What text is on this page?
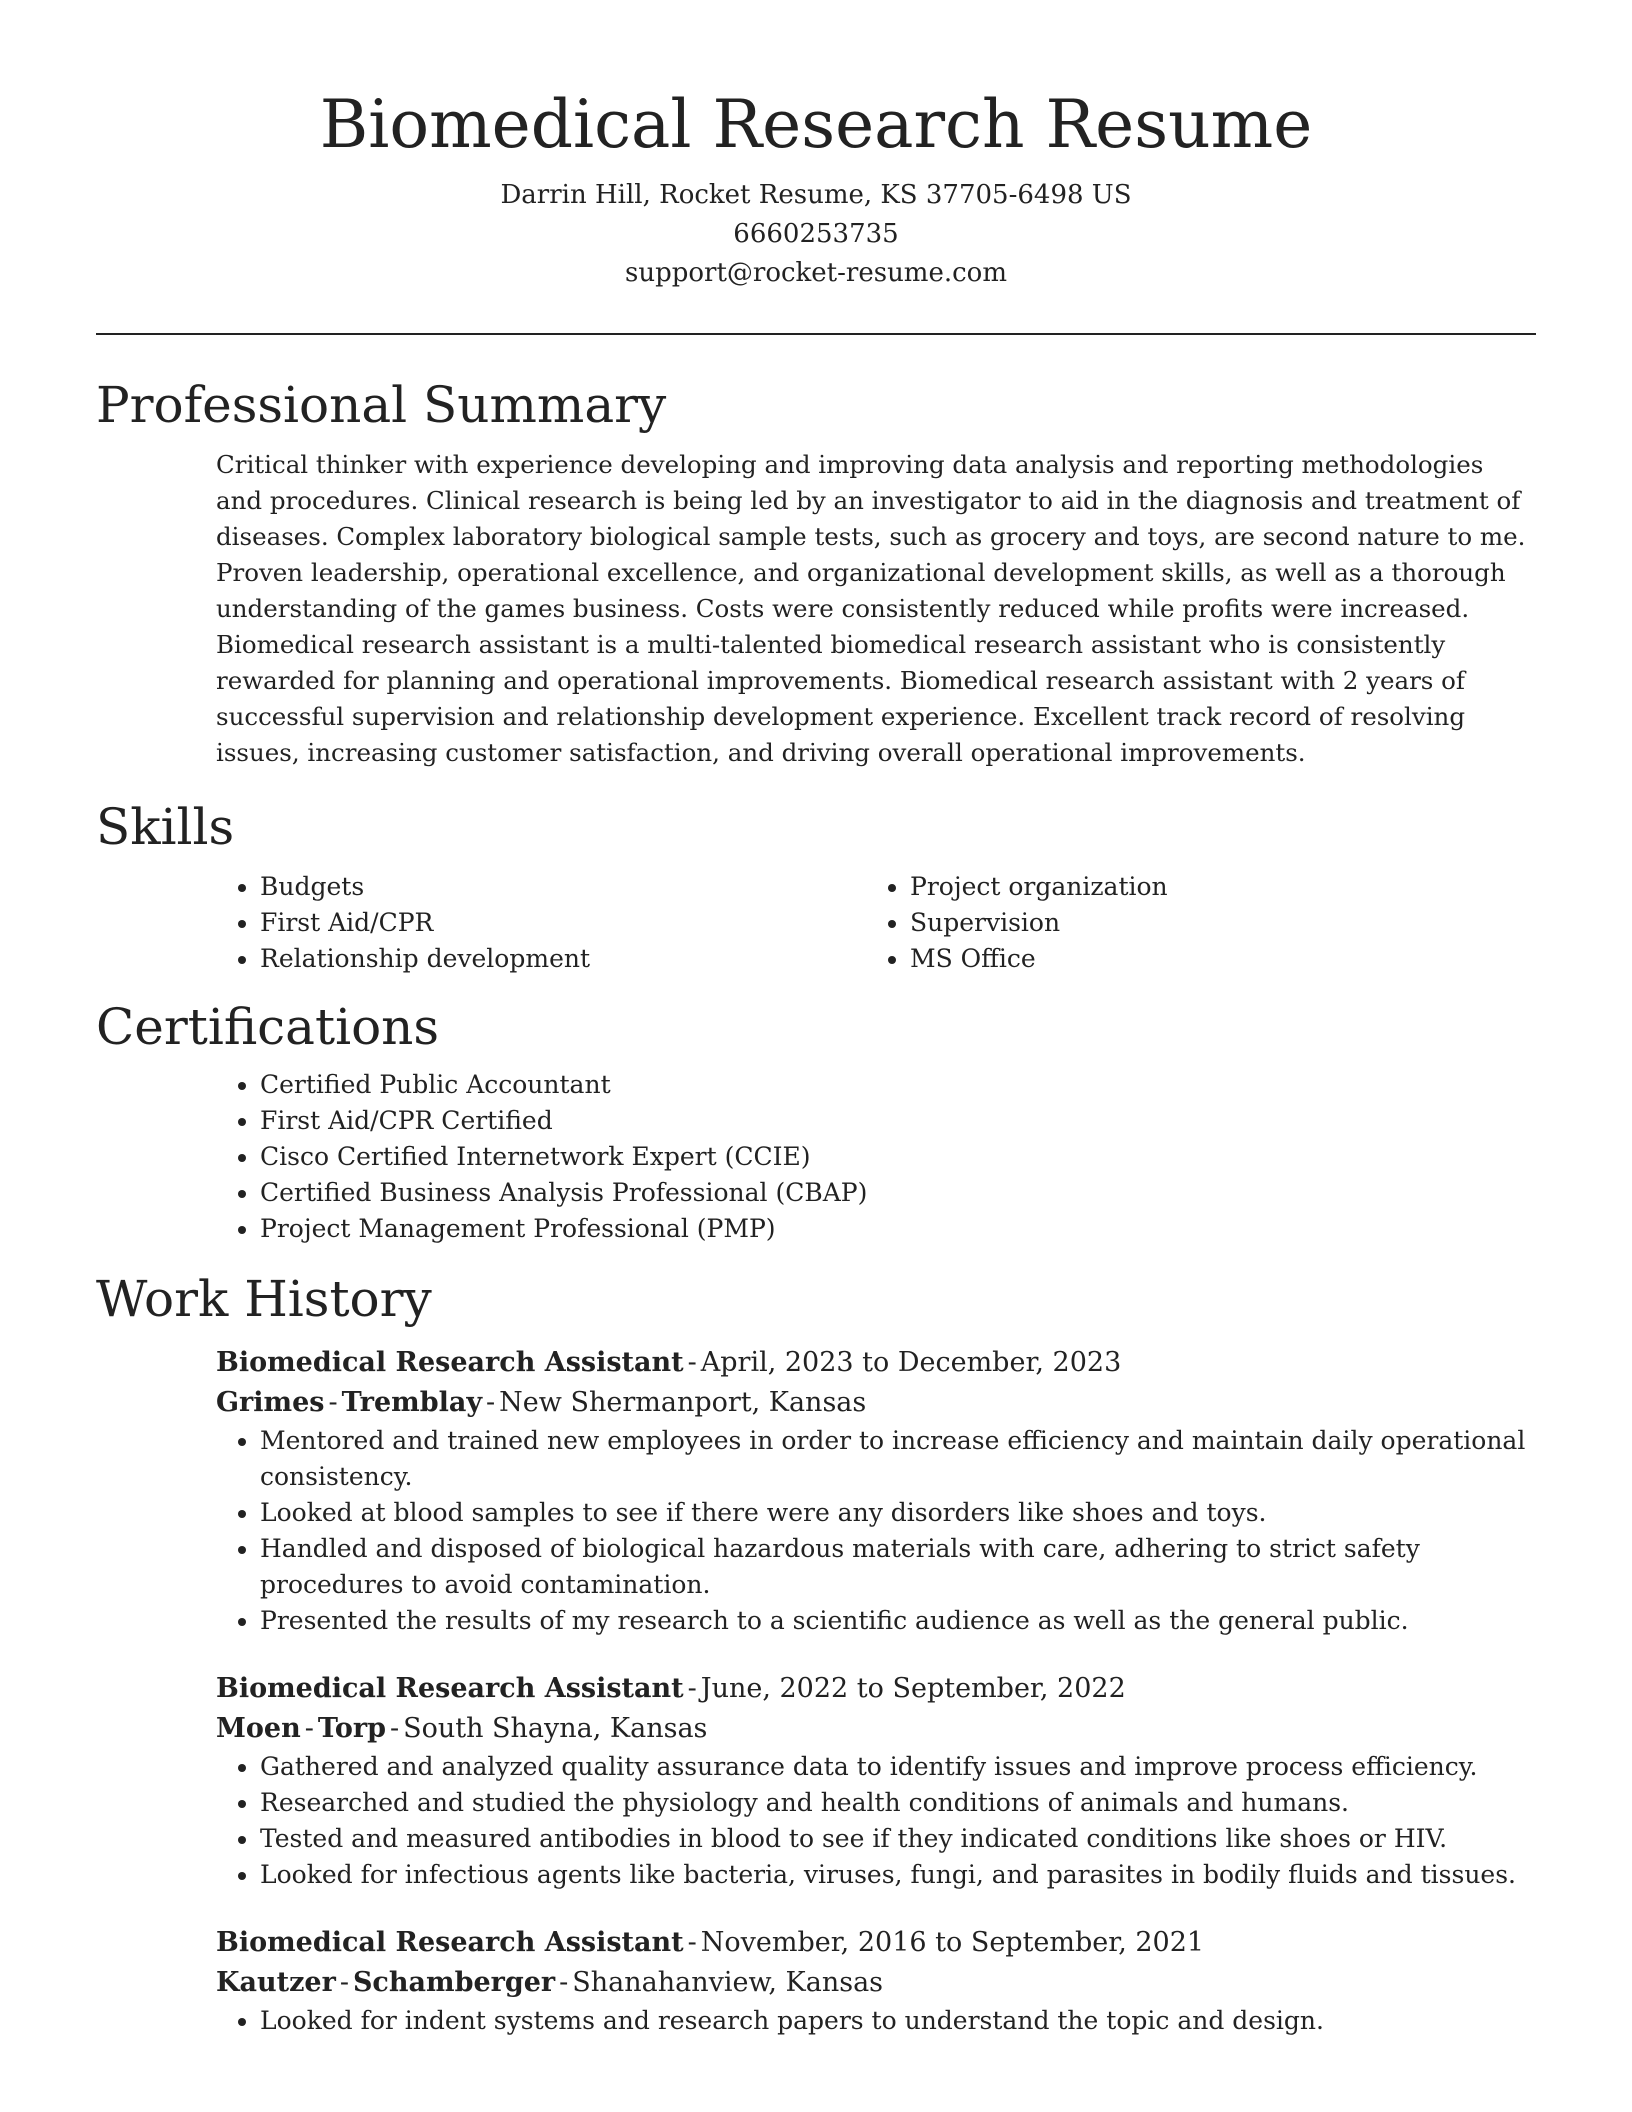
Biomedical Research Resume
Darrin Hill, Rocket Resume, KS 37705-6498 US
6660253735
support@rocket-resume.com
Professional Summary
Critical thinker with experience developing and improving data analysis and reporting methodologies and procedures. Clinical research is being led by an investigator to aid in the diagnosis and treatment of diseases. Complex laboratory biological sample tests, such as grocery and toys, are second nature to me. Proven leadership, operational excellence, and organizational development skills, as well as a thorough understanding of the games business. Costs were consistently reduced while profits were increased. Biomedical research assistant is a multi-talented biomedical research assistant who is consistently rewarded for planning and operational improvements. Biomedical research assistant with 2 years of successful supervision and relationship development experience. Excellent track record of resolving issues, increasing customer satisfaction, and driving overall operational improvements.
Skills
• Budgets
• First Aid/CPR
• Relationship development
• Project organization
• Supervision
• MS Office
Certifications
• Certified Public Accountant
• First Aid/CPR Certified
• Cisco Certified Internetwork Expert (CCIE)
• Certified Business Analysis Professional (CBAP)
• Project Management Professional (PMP)
Work History
Biomedical Research Assistant - April, 2023 to December, 2023
Grimes - Tremblay - New Shermanport, Kansas
• Mentored and trained new employees in order to increase efficiency and maintain daily operational consistency.
• Looked at blood samples to see if there were any disorders like shoes and toys.
• Handled and disposed of biological hazardous materials with care, adhering to strict safety procedures to avoid contamination.
• Presented the results of my research to a scientific audience as well as the general public.
Biomedical Research Assistant - June, 2022 to September, 2022
Moen - Torp - South Shayna, Kansas
• Gathered and analyzed quality assurance data to identify issues and improve process efficiency.
• Researched and studied the physiology and health conditions of animals and humans.
• Tested and measured antibodies in blood to see if they indicated conditions like shoes or HIV.
• Looked for infectious agents like bacteria, viruses, fungi, and parasites in bodily fluids and tissues.
Biomedical Research Assistant - November, 2016 to September, 2021
Kautzer - Schamberger - Shanahanview, Kansas
• Looked for indent systems and research papers to understand the topic and design.
